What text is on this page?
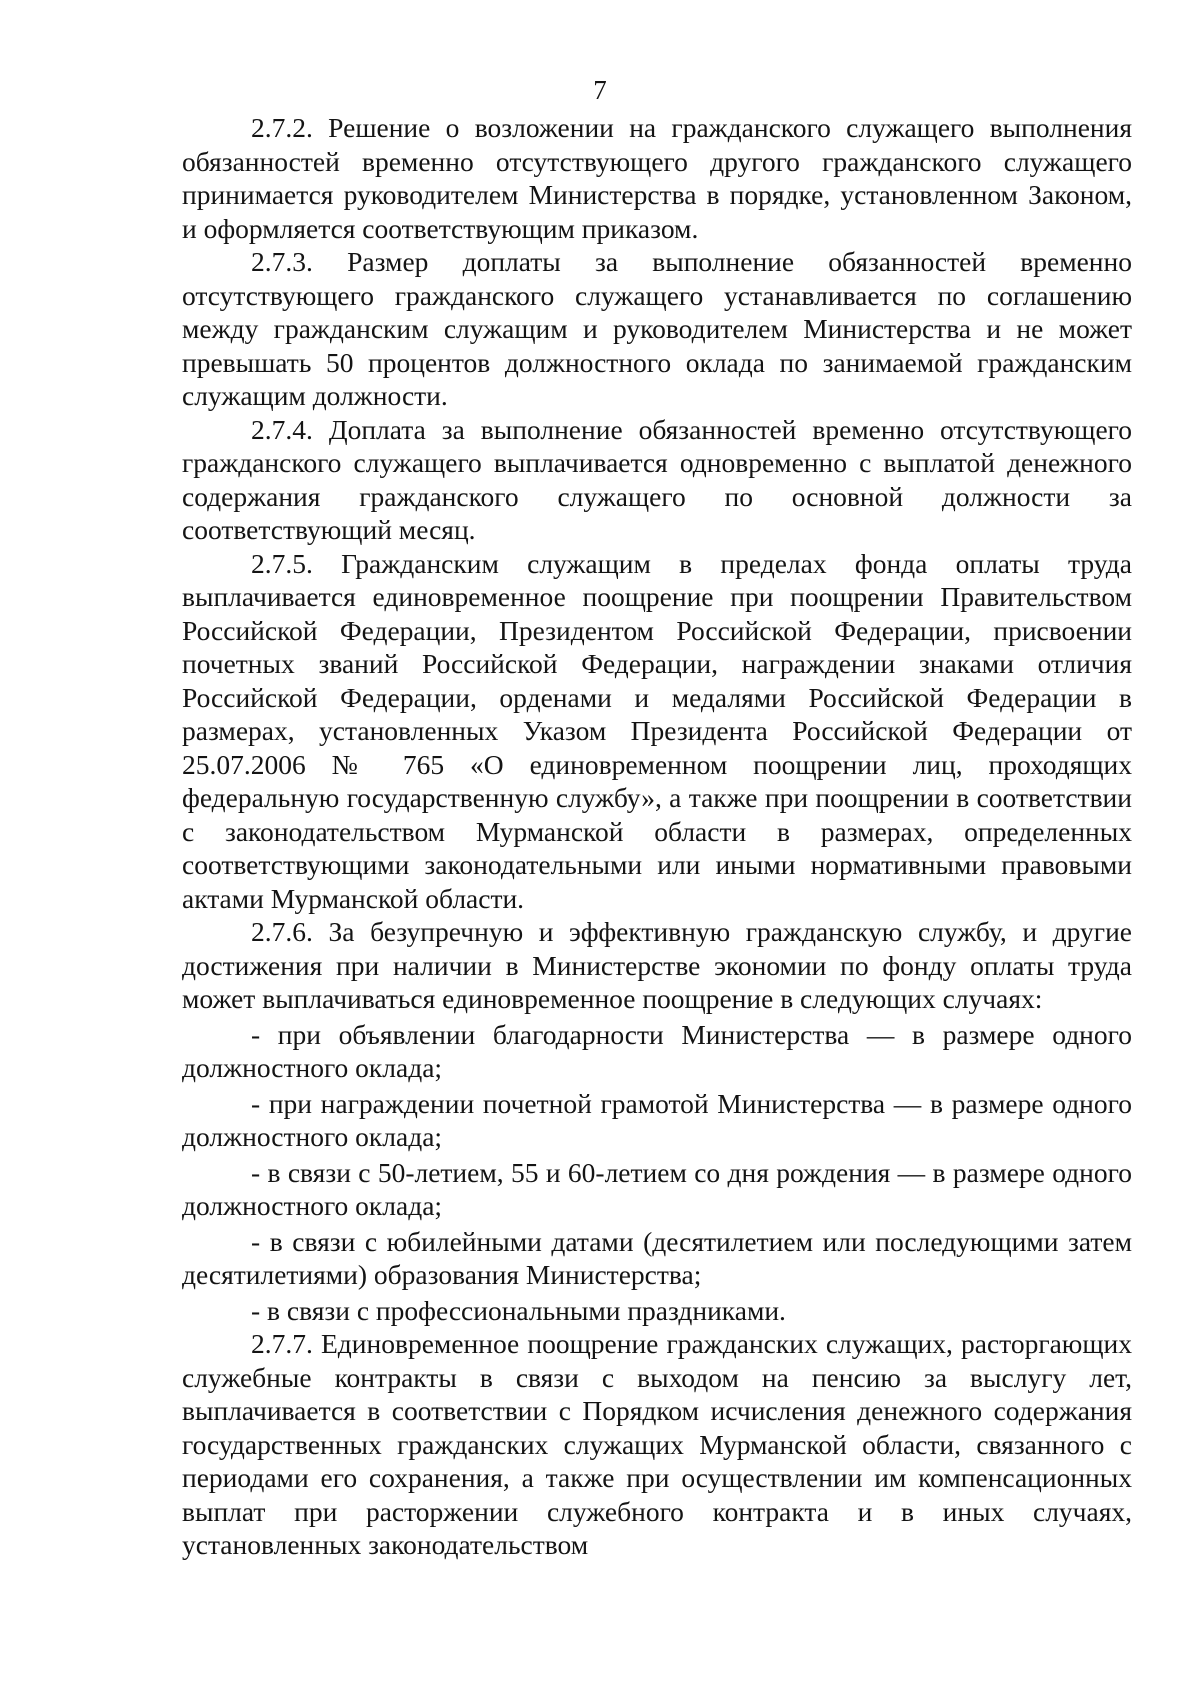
7

2.7.2. Решение о возложении на гражданского служащего выполнения обязанностей временно отсутствующего другого гражданского служащего принимается руководителем Министерства в порядке, установленном Законом, и оформляется соответствующим приказом.

2.7.3. Размер доплаты за выполнение обязанностей временно отсутствующего гражданского служащего устанавливается по соглашению между гражданским служащим и руководителем Министерства и не может превышать 50 процентов должностного оклада по занимаемой гражданским служащим должности.

2.7.4. Доплата за выполнение обязанностей временно отсутствующего гражданского служащего выплачивается одновременно с выплатой денежного содержания гражданского служащего по основной должности за соответствующий месяц.

2.7.5. Гражданским служащим в пределах фонда оплаты труда выплачивается единовременное поощрение при поощрении Правительством Российской Федерации, Президентом Российской Федерации, присвоении почетных званий Российской Федерации, награждении знаками отличия Российской Федерации, орденами и медалями Российской Федерации в размерах, установленных Указом Президента Российской Федерации от 25.07.2006 № 765 «О единовременном поощрении лиц, проходящих федеральную государственную службу», а также при поощрении в соответствии с законодательством Мурманской области в размерах, определенных соответствующими законодательными или иными нормативными правовыми актами Мурманской области.

2.7.6. За безупречную и эффективную гражданскую службу, и другие достижения при наличии в Министерстве экономии по фонду оплаты труда может выплачиваться единовременное поощрение в следующих случаях:

- при объявлении благодарности Министерства — в размере одного должностного оклада;

- при награждении почетной грамотой Министерства — в размере одного должностного оклада;

- в связи с 50-летием, 55 и 60-летием со дня рождения — в размере одного должностного оклада;

- в связи с юбилейными датами (десятилетием или последующими затем десятилетиями) образования Министерства;

- в связи с профессиональными праздниками.

2.7.7. Единовременное поощрение гражданских служащих, расторгающих служебные контракты в связи с выходом на пенсию за выслугу лет, выплачивается в соответствии с Порядком исчисления денежного содержания государственных гражданских служащих Мурманской области, связанного с периодами его сохранения, а также при осуществлении им компенсационных выплат при расторжении служебного контракта и в иных случаях, установленных законодательством
